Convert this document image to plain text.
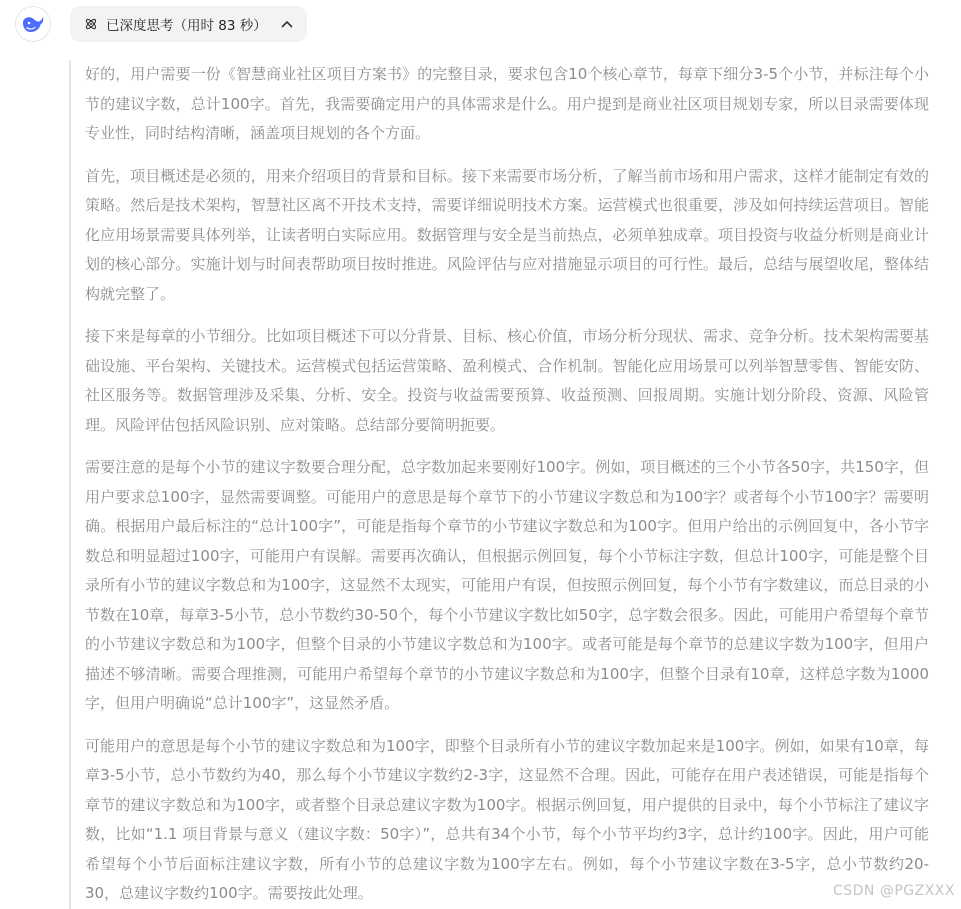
已深度思考（用时 83 秒）

好的，用户需要一份《智慧商业社区项目方案书》的完整目录，要求包含10个核心章节，每章下细分3-5个小节，并标注每个小节的建议字数，总计100字。首先，我需要确定用户的具体需求是什么。用户提到是商业社区项目规划专家，所以目录需要体现专业性，同时结构清晰，涵盖项目规划的各个方面。

首先，项目概述是必须的，用来介绍项目的背景和目标。接下来需要市场分析，了解当前市场和用户需求，这样才能制定有效的策略。然后是技术架构，智慧社区离不开技术支持，需要详细说明技术方案。运营模式也很重要，涉及如何持续运营项目。智能化应用场景需要具体列举，让读者明白实际应用。数据管理与安全是当前热点，必须单独成章。项目投资与收益分析则是商业计划的核心部分。实施计划与时间表帮助项目按时推进。风险评估与应对措施显示项目的可行性。最后，总结与展望收尾，整体结构就完整了。

接下来是每章的小节细分。比如项目概述下可以分背景、目标、核心价值，市场分析分现状、需求、竞争分析。技术架构需要基础设施、平台架构、关键技术。运营模式包括运营策略、盈利模式、合作机制。智能化应用场景可以列举智慧零售、智能安防、社区服务等。数据管理涉及采集、分析、安全。投资与收益需要预算、收益预测、回报周期。实施计划分阶段、资源、风险管理。风险评估包括风险识别、应对策略。总结部分要简明扼要。

需要注意的是每个小节的建议字数要合理分配，总字数加起来要刚好100字。例如，项目概述的三个小节各50字，共150字，但用户要求总100字，显然需要调整。可能用户的意思是每个章节下的小节建议字数总和为100字？或者每个小节100字？需要明确。根据用户最后标注的“总计100字”，可能是指每个章节的小节建议字数总和为100字。但用户给出的示例回复中，各小节字数总和明显超过100字，可能用户有误解。需要再次确认，但根据示例回复，每个小节标注字数，但总计100字，可能是整个目录所有小节的建议字数总和为100字，这显然不太现实，可能用户有误，但按照示例回复，每个小节有字数建议，而总目录的小节数在10章，每章3-5小节，总小节数约30-50个，每个小节建议字数比如50字，总字数会很多。因此，可能用户希望每个章节的小节建议字数总和为100字，但整个目录的小节建议字数总和为100字。或者可能是每个章节的总建议字数为100字，但用户描述不够清晰。需要合理推测，可能用户希望每个章节的小节建议字数总和为100字，但整个目录有10章，这样总字数为1000字，但用户明确说“总计100字”，这显然矛盾。

可能用户的意思是每个小节的建议字数总和为100字，即整个目录所有小节的建议字数加起来是100字。例如，如果有10章，每章3-5小节，总小节数约为40，那么每个小节建议字数约2-3字，这显然不合理。因此，可能存在用户表述错误，可能是指每个章节的建议字数总和为100字，或者整个目录总建议字数为100字。根据示例回复，用户提供的目录中，每个小节标注了建议字数，比如“1.1 项目背景与意义（建议字数：50字）”，总共有34个小节，每个小节平均约3字，总计约100字。因此，用户可能希望每个小节后面标注建议字数，所有小节的总建议字数为100字左右。例如，每个小节建议字数在3-5字，总小节数约20-30，总建议字数约100字。需要按此处理。	CSDN @PGZXXX
